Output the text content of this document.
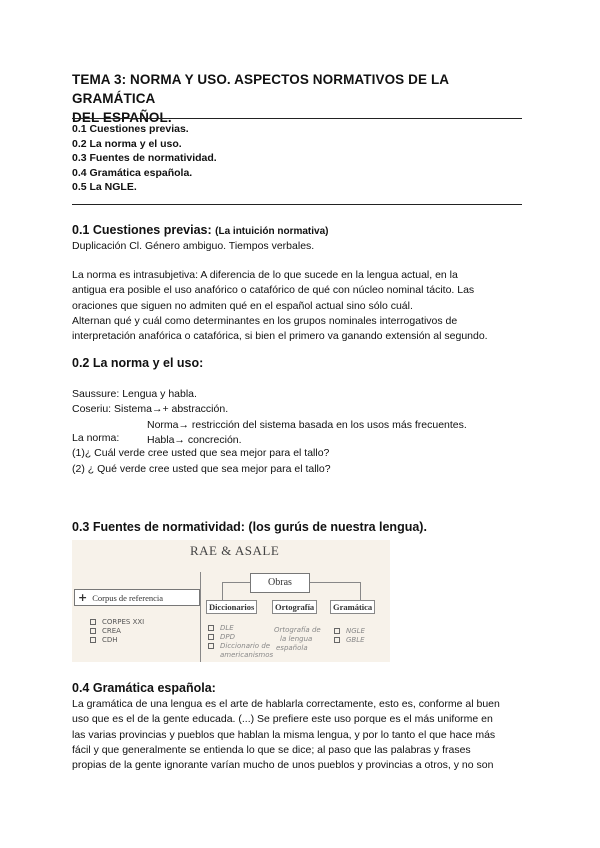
TEMA 3: NORMA Y USO. ASPECTOS NORMATIVOS DE LA GRAMÁTICA
DEL ESPAÑOL.
0.1 Cuestiones previas.
0.2 La norma y el uso.
0.3 Fuentes de normatividad.
0.4 Gramática española.
0.5 La NGLE.
0.1 Cuestiones previas: (La intuición normativa)
Duplicación Cl. Género ambiguo. Tiempos verbales.
La norma es intrasubjetiva: A diferencia de lo que sucede en la lengua actual, en la
antigua era posible el uso anafórico o catafórico de qué con núcleo nominal tácito. Las
oraciones que siguen no admiten qué en el español actual sino sólo cuál.
Alternan qué y cuál como determinantes en los grupos nominales interrogativos de
interpretación anafórica o catafórica, si bien el primero va ganando extensión al segundo.
0.2 La norma y el uso:
Saussure: Lengua y habla.
Coseriu: Sistema→+ abstracción.
Norma→ restricción del sistema basada en los usos más frecuentes.
Habla→ concreción.
La norma:
(1)¿ Cuál verde cree usted que sea mejor para el tallo?
(2) ¿ Qué verde cree usted que sea mejor para el tallo?
0.3 Fuentes de normatividad: (los gurús de nuestra lengua).
RAE & ASALE
Obras
+ Corpus de referencia
CORPES XXI
CREA
CDH
Diccionarios	Ortografía	Gramática
DLE
DPD
Diccionario de
americanismos
Ortografía de
la lengua
española
NGLE
GBLE
0.4 Gramática española:
La gramática de una lengua es el arte de hablarla correctamente, esto es, conforme al buen
uso que es el de la gente educada. (...) Se prefiere este uso porque es el más uniforme en
las varias provincias y pueblos que hablan la misma lengua, y por lo tanto el que hace más
fácil y que generalmente se entienda lo que se dice; al paso que las palabras y frases
propias de la gente ignorante varían mucho de unos pueblos y provincias a otros, y no son
